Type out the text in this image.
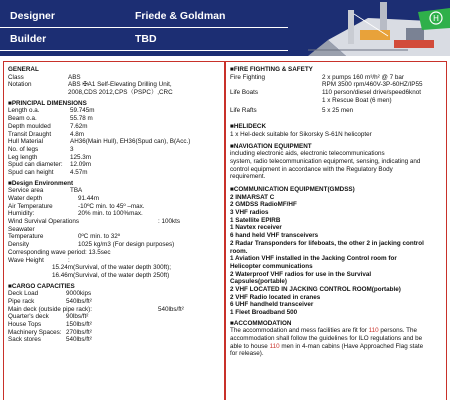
Designer	Friede & Goldman
Builder	TBD
H
GENERAL
Class	ABS
Notation	ABS ✠A1 Self-Elevating Drilling Unit,
2008,CDS 2012,CPS（PSPC）,CRC
■PRINCIPAL DIMENSIONS
Length o.a.	59.745m
Beam o.a.	55.78 m
Depth moulded	7.62m
Transit Draught	4.8m
Hull Material	AH36(Main Hull), EH36(Spud can), B(Acc.)
No. of legs	3
Leg length	125.3m
Spud can diameter: 12.09m
Spud can height	4.57m
■Design Environment
Service area	TBA
Water depth	91.44m
Air Temperature	-10ºC min. to 45º –max.
Humidity:	20% min. to 100%max.
Wind Survival Operations	: 100kts
Seawater
Temperature	0ºC min. to 32º
Density	1025 kg/m3 (For design purposes)
Corresponding wave period: 13.5sec
Wave Height	:
15.24m(Survival, of the water depth 300ft);
16.46m(Survival, of the water depth 250ft)
■CARGO CAPACITIES
Deck Load	9000kips
Pipe rack	540lbs/ft²
Main deck (outside pipe rack):	540lbs/ft²
Quarter's deck	90lbs/ft²
House Tops	150lbs/ft²
Machinery Spaces: 270lbs/ft²
Sack stores	540lbs/ft²
■FIRE FIGHTING & SAFETY
Fire Fighting	2 x pumps 160 m³/h² @ 7 bar
RPM 3500 rpm/460V-3P-60HZ/IP55
Life Boats	110 person/diesel drive/speed6knot
1 x Rescue Boat (6 men)
Life Rafts	5 x 25 men
■HELIDECK
1 x Hel-deck suitable for Sikorsky S-61N helicopter
■NAVIGATION EQUIPMENT
including electronic aids, electronic telecommunications
system, radio telecommunication equipment, sensing, indicating and
control equipment in accordance with the Regulatory Body
requirement.
■COMMUNICATION EQUIPMENT(GMDSS)
2 INMARSAT C
2 GMDSS RadioMF/HF
3 VHF radios
1 Satellite EPIRB
1 Navtex receiver
6 hand held VHF transceivers
2 Radar Transponders for lifeboats, the other 2 in jacking control
room.
1 Aviation VHF installed in the Jacking Control room for
Helicopter communications
2 Waterproof VHF radios for use in the Survival
Capsules(portable)
2 VHF LOCATED IN JACKING CONTROL ROOM(portable)
2 VHF Radio located in cranes
6 UHF handheld transceiver
1 Fleet Broadband 500
■ACCOMMODATION
The accommodation and mess facilities are fit for 110 persons. The
accommodation shall follow the guidelines for ILO regulations and be
able to house 110 men in 4-man cabins (Have Approached Flag state
for release).
